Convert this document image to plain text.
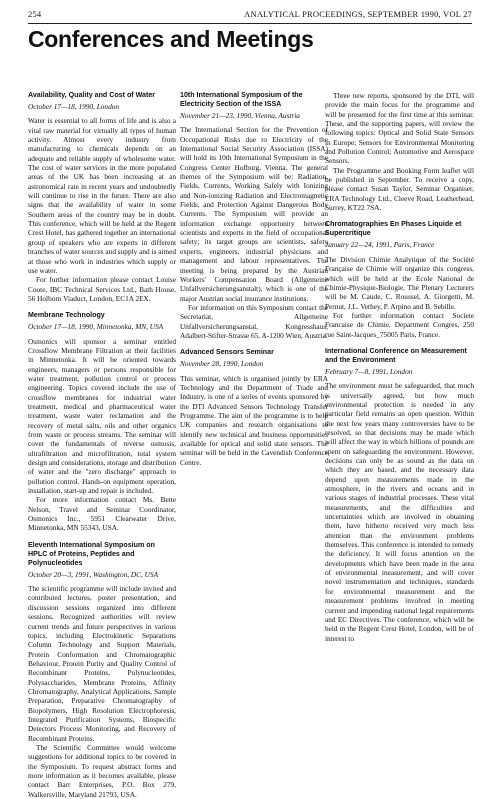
254	ANALYTICAL PROCEEDINGS, SEPTEMBER 1990, VOL 27
Conferences and Meetings
Availability, Quality and Cost of Water
October 17—18, 1990, London

Water is essential to all forms of life and is also a vital raw material for virtually all types of human activity. Almost every industry from manufacturing to chemicals depends on an adequate and reliable supply of wholesome water. The cost of water services in the more populated areas of the UK has been increasing at an astronomical rate in recent years and undoubtedly will continue to rise in the future. There are also signs that the availability of water in some Southern areas of the country may be in doubt. This conference, which will be held at the Regent Crest Hotel, has gathered together an international group of speakers who are experts in different branches of water sources and supply and is aimed at those who work in industries which supply or use water.

For further information please contact Louise Coote, IBC Technical Services Ltd., Bath House, 56 Holborn Viaduct, London, EC1A 2EX.

Membrane Technology
October 17—18, 1990, Minnetonka, MN, USA

Osmonics will sponsor a seminar entitled Crossflow Membrane Filtration at their facilities in Minnetonka. It will be oriented towards engineers, managers or persons responsible for water treatment, pollution control or process engineering. Topics covered include the use of crossflow membranes for industrial water treatment, medical and pharmaceutical water treatment, waste water reclamation and the recovery of metal salts, oils and other organics from waste or process streams. The seminar will cover the fundamentals of reverse osmosis, ultrafiltration and microfiltration, total system design and considerations, storage and distribution of water and the "zero discharge" approach to pollution control. Hands-on equipment operation, installation, start-up and repair is included.

For more information contact Ms. Bette Nelson, Travel and Seminar Coordinator, Osmonics Inc., 5951 Clearwater Drive, Minnetonka, MN 55343, USA.

Eleventh International Symposium on HPLC of Proteins, Peptides and Polynucleotides
October 20—3, 1991, Washington, DC, USA

The scientific programme will include invited and contributed lectures, poster presentation, and discussion sessions organized into different sessions. Recognized authorities will review current trends and future perspectives in various topics, including Electrokinetic Separations Column Technology and Support Materials, Protein Conformation and Chromatographic Behaviour, Protein Purity and Quality Control of Recombinant Proteins, Polynucleotides, Polysaccharides, Membrane Proteins, Affinity Chromatography, Analytical Applications, Sample Preparation, Preparative Chromatography of Biopolymers, High Resolution Electrophoresis, Integrated Purification Systems, Biospecific Detectors Process Monitoring, and Recovery of Recombinant Proteins.

The Scientific Committee would welcome suggestions for additional topics to be covered in the Symposium. To request abstract forms and more information as it becomes available, please contact Barr Enterprises, P.O. Box 279, Walkersville, Maryland 21793, USA.

10th International Symposium of the Electricity Section of the ISSA
November 21—23, 1990, Vienna, Austria

The International Section for the Prevention of Occupational Risks due to Electricity of the International Social Security Association (ISSA) will hold its 10th International Symposium in the Congress Center Hofburg, Vienna. The general themes of the Symposium will be: Radiation, Fields, Currents, Working Safely with Ionizing and Non-ionizing Radiation and Electromagnetic Fields, and Protection Against Dangerous Body Currents. The Symposium will provide an information exchange opportunity between scientists and experts in the field of occupational safety; its target groups are scientists, safety experts, engineers, industrial physicians and management and labour representatives. The meeting is being prepared by the Austrian Workers' Compensation Board (Allgemeine Unfallversicherungsanstalt), which is one of the major Austrian social insurance institutions.

For information on this Symposium contact the Secretariat, Allgemeine Unfallversicherungsanstal, Kongresshaus, Adalbert-Stifter-Strasse 65, A-1200 Wien, Austria.

Advanced Sensors Seminar
November 28, 1990, London

This seminar, which is organised jointly by ERA Technology and the Department of Trade and Industry, is one of a series of events sponsored by the DTI Advanced Sensors Technology Transfer Programme. The aim of the programme is to help UK companies and research organisations to identify new technical and business opportunities available for optical and solid state sensors. The seminar will be held in the Cavendish Conference Centre.

Three new reports, sponsored by the DTI, will provide the main focus for the programme and will be presented for the first time at this seminar. These, and the supporting papers, will review the following topics: Optical and Solid State Sensors in Europe; Sensors for Environmental Monitoring and Pollution Control; Automotive and Aerospace Sensors.

The Programme and Booking Form leaflet will be published in September. To receive a copy, please contact Susan Taylor, Seminar Organiser, ERA Technology Ltd., Cleeve Road, Leatherhead, Surrey, KT22 7SA.

Chromatographies En Phases Liquide et Supercritique
January 22—24, 1991, Paris, France

The Division Chimie Analytique of the Société Française de Chimie will organize this congress, which will be held at the Ecole National de Chimie-Physique-Biologie. The Plenary Lecturers will be M. Caude, C. Roussel, A. Giorgetti, M. Pernut, J.L. Vethey, P. Arpino and B. Sebille.

For further information contact Societe Francaise de Chimie, Department Congres, 250 rue Saint-Jacques_75005 Paris, France.

International Conference on Measurement and the Environment
February 7—8, 1991, London

The environment must be safeguarded, that much is universally agreed, but how much environmental protection is needed in any particular field remains an open question. Within the next few years many controversies have to be resolved, so that decisions may be made which will affect the way in which billions of pounds are spent on safeguarding the environment. However, decisions can only be as sound as the data on which they are based, and the necessary data depend upon measurements made in the atmosphere, in the rivers and oceans and in various stages of industrial processes. These vital measurements, and the difficulties and uncertainties which are involved in obtaining them, have hitherto received very much less attention than the environment problems themselves. This conference is intended to remedy the deficiency. It will focus attention on the developments which have been made in the area of environmental measurement, and will cover novel instrumentation and techniques, standards for environmental measurement and the measurement problems involved in meeting current and impending national legal requirements and EC Directives. The conference, which will be held in the Regent Crest Hotel, London, will be of interest to
